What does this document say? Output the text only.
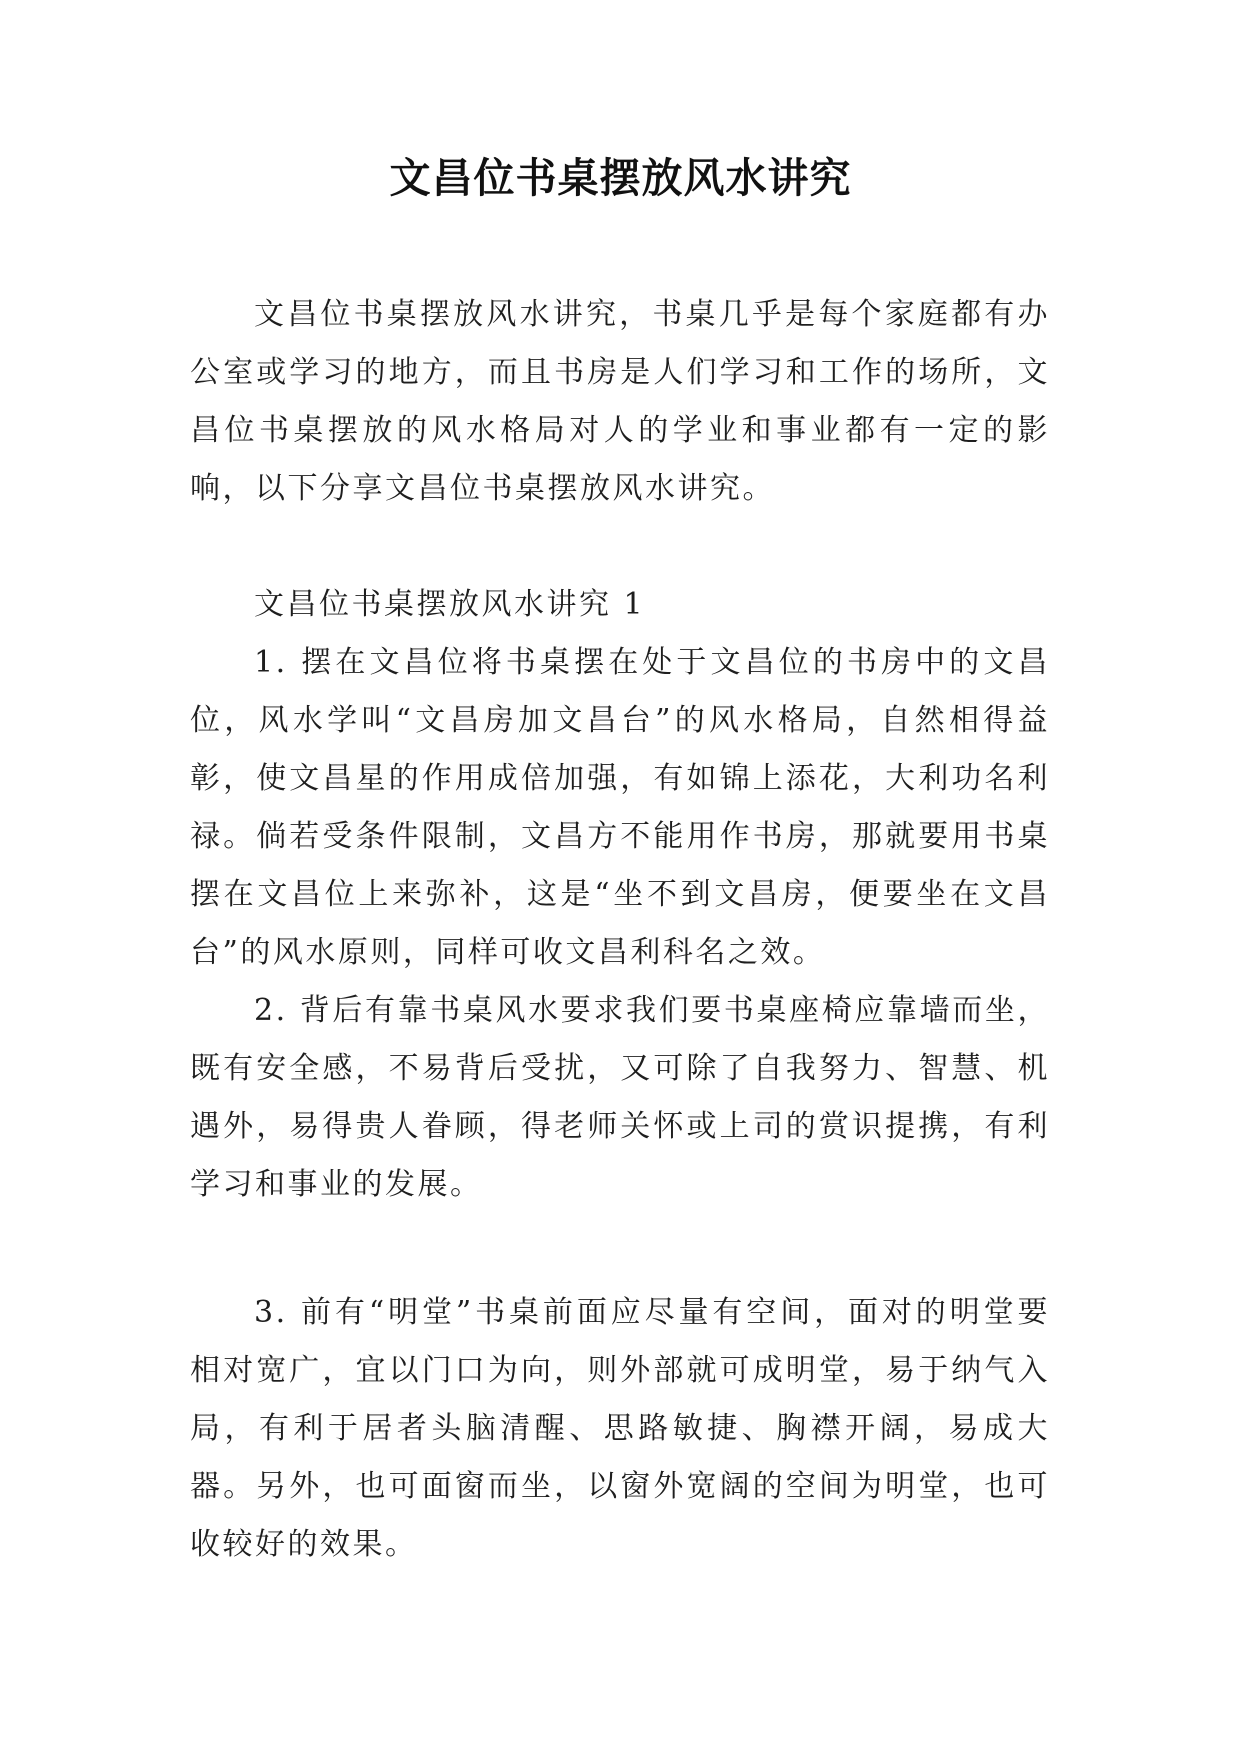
文昌位书桌摆放风水讲究

文昌位书桌摆放风水讲究，书桌几乎是每个家庭都有办公室或学习的地方，而且书房是人们学习和工作的场所，文昌位书桌摆放的风水格局对人的学业和事业都有一定的影响，以下分享文昌位书桌摆放风水讲究。

文昌位书桌摆放风水讲究 1

1. 摆在文昌位将书桌摆在处于文昌位的书房中的文昌位，风水学叫“文昌房加文昌台”的风水格局，自然相得益彰，使文昌星的作用成倍加强，有如锦上添花，大利功名利禄。倘若受条件限制，文昌方不能用作书房，那就要用书桌摆在文昌位上来弥补，这是“坐不到文昌房，便要坐在文昌台”的风水原则，同样可收文昌利科名之效。

2. 背后有靠书桌风水要求我们要书桌座椅应靠墙而坐，既有安全感，不易背后受扰，又可除了自我努力、智慧、机遇外，易得贵人眷顾，得老师关怀或上司的赏识提携，有利学习和事业的发展。

3. 前有“明堂”书桌前面应尽量有空间，面对的明堂要相对宽广，宜以门口为向，则外部就可成明堂，易于纳气入局，有利于居者头脑清醒、思路敏捷、胸襟开阔，易成大器。另外，也可面窗而坐，以窗外宽阔的空间为明堂，也可收较好的效果。
